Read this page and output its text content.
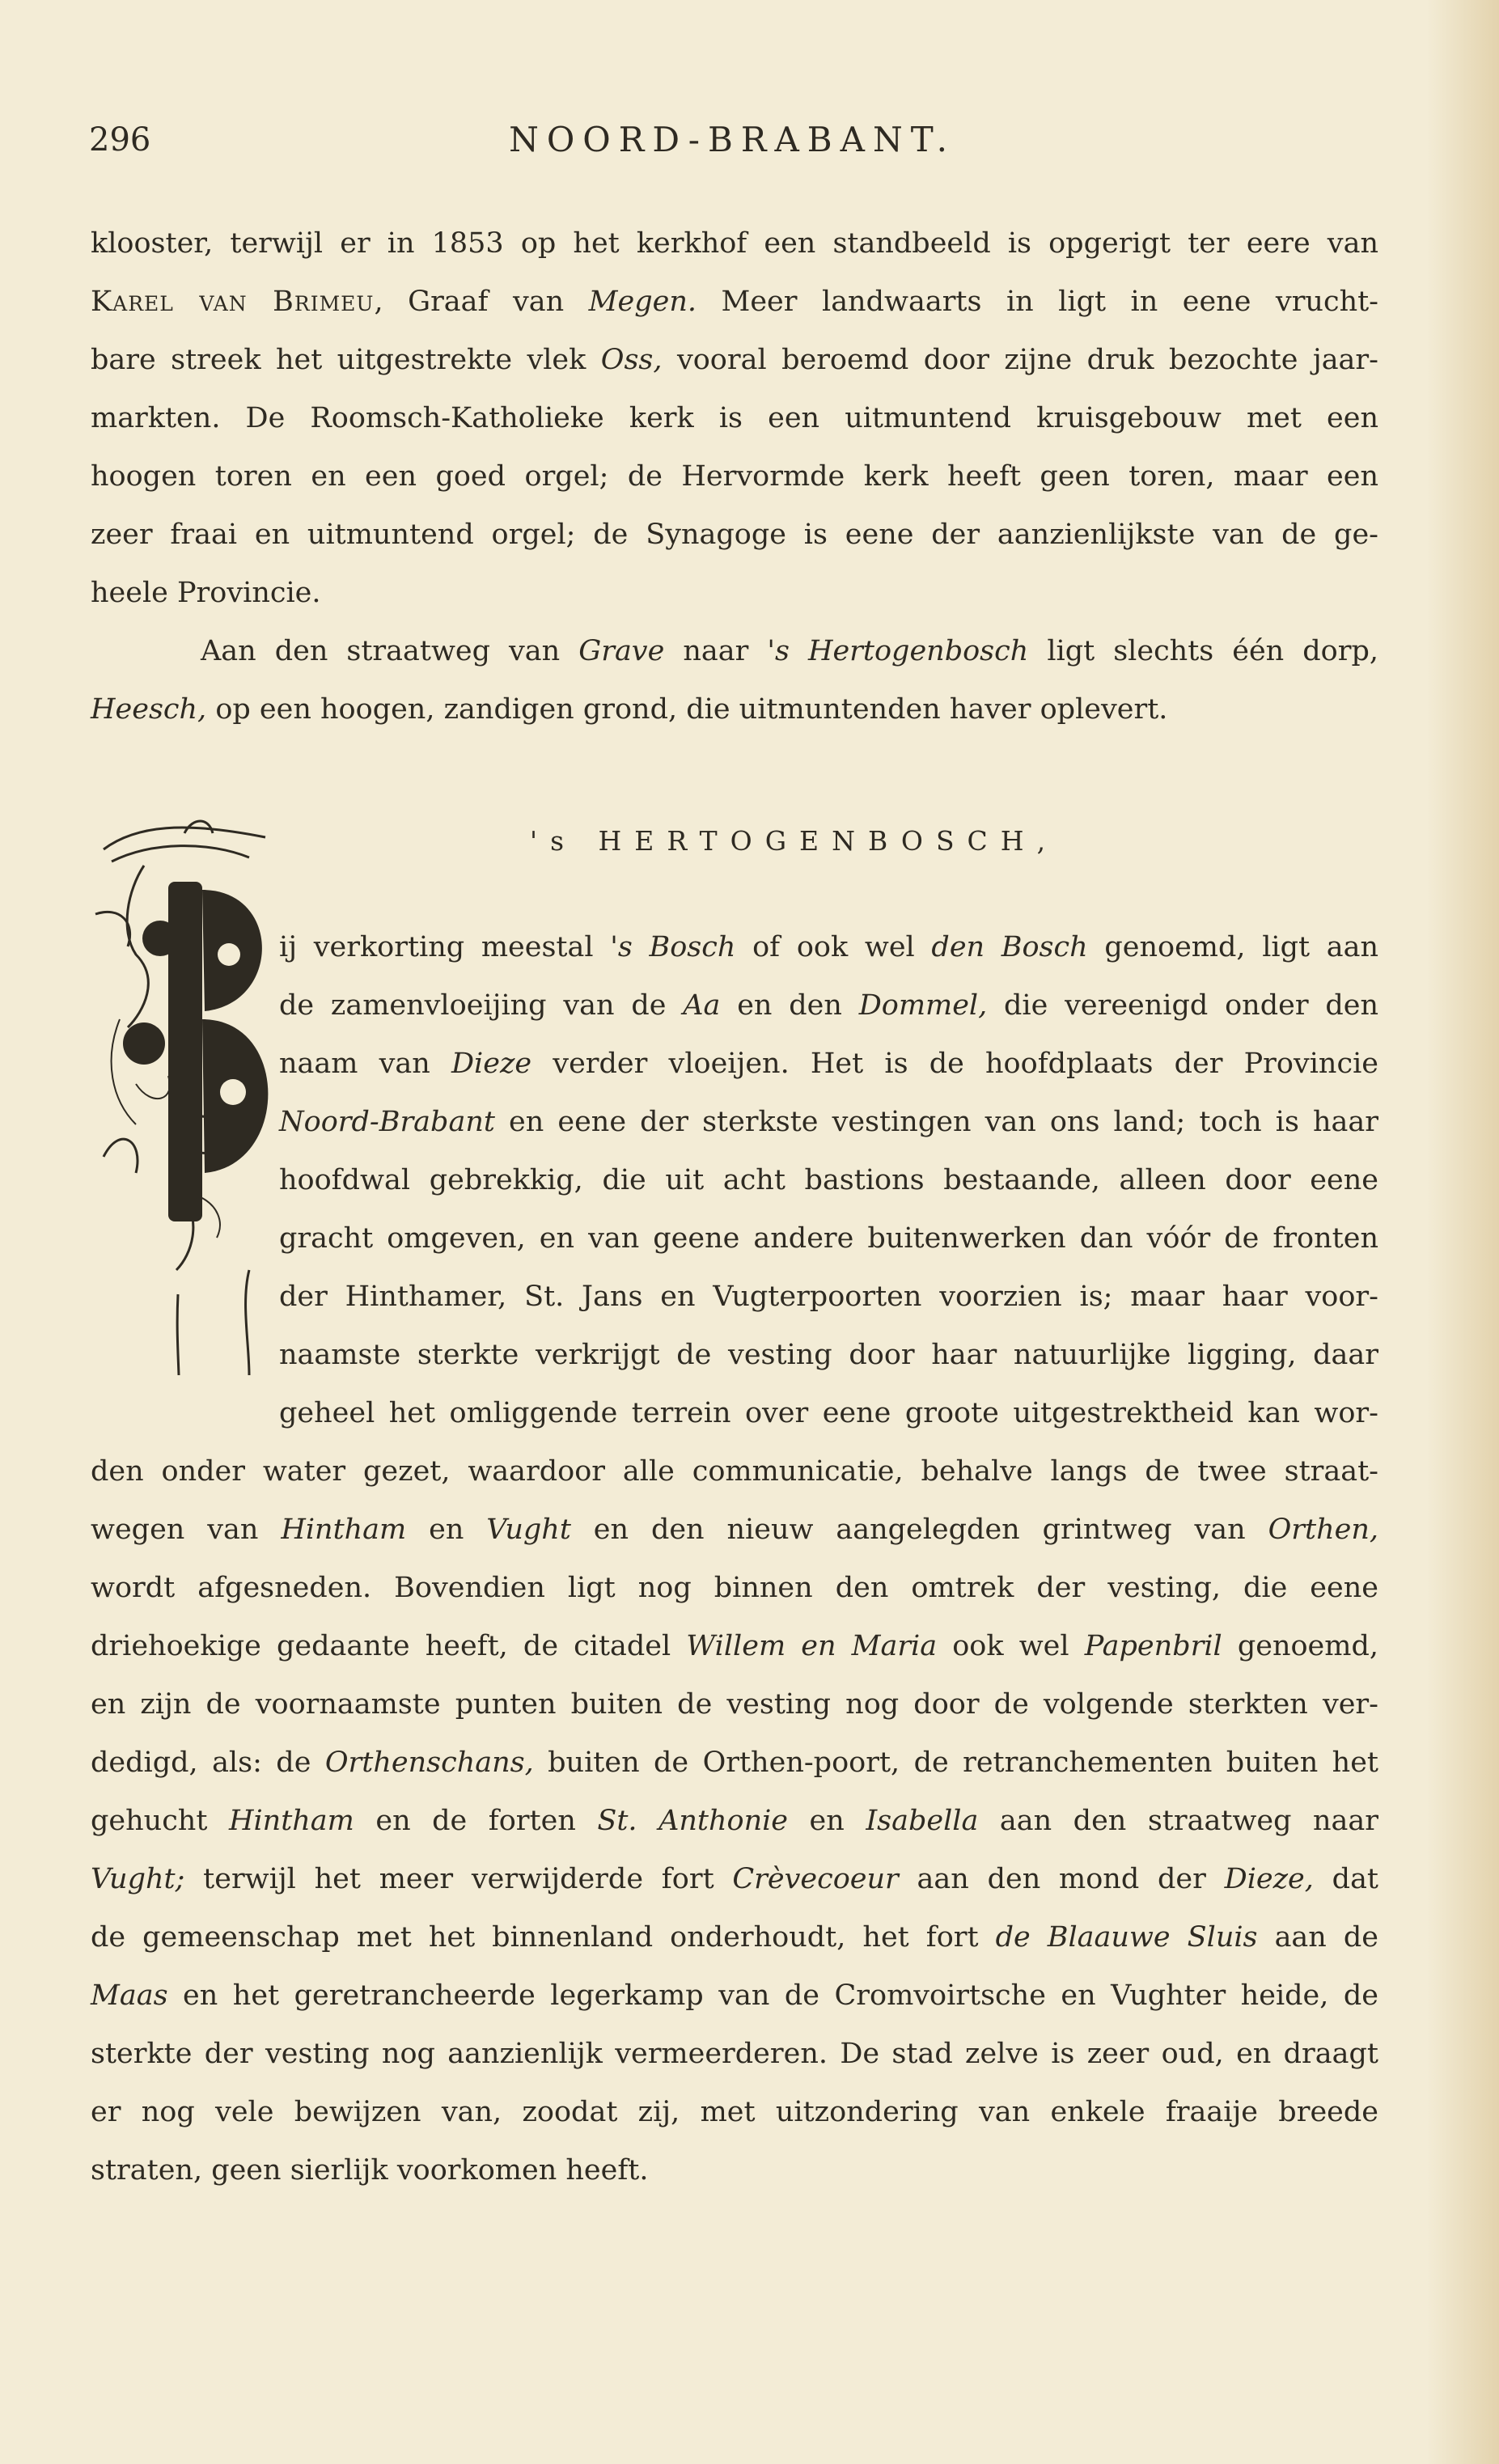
296	NOORD-BRABANT.
klooster, terwijl er in 1853 op het kerkhof een standbeeld is opgerigt ter eere van
Karel van Brimeu, Graaf van Megen. Meer landwaarts in ligt in eene vrucht-
bare streek het uitgestrekte vlek Oss, vooral beroemd door zijne druk bezochte jaar-
markten. De Roomsch-Katholieke kerk is een uitmuntend kruisgebouw met een
hoogen toren en een goed orgel; de Hervormde kerk heeft geen toren, maar een
zeer fraai en uitmuntend orgel; de Synagoge is eene der aanzienlijkste van de ge-
heele Provincie.
Aan den straatweg van Grave naar 's Hertogenbosch ligt slechts één dorp,
Heesch, op een hoogen, zandigen grond, die uitmuntenden haver oplevert.
's HERTOGENBOSCH,
ij verkorting meestal 's Bosch of ook wel den Bosch genoemd, ligt aan
de zamenvloeijing van de Aa en den Dommel, die vereenigd onder den
naam van Dieze verder vloeijen. Het is de hoofdplaats der Provincie
Noord-Brabant en eene der sterkste vestingen van ons land; toch is haar
hoofdwal gebrekkig, die uit acht bastions bestaande, alleen door eene
gracht omgeven, en van geene andere buitenwerken dan vóór de fronten
der Hinthamer, St. Jans en Vugterpoorten voorzien is; maar haar voor-
naamste sterkte verkrijgt de vesting door haar natuurlijke ligging, daar
geheel het omliggende terrein over eene groote uitgestrektheid kan wor-
den onder water gezet, waardoor alle communicatie, behalve langs de twee straat-
wegen van Hintham en Vught en den nieuw aangelegden grintweg van Orthen,
wordt afgesneden. Bovendien ligt nog binnen den omtrek der vesting, die eene
driehoekige gedaante heeft, de citadel Willem en Maria ook wel Papenbril genoemd,
en zijn de voornaamste punten buiten de vesting nog door de volgende sterkten ver-
dedigd, als: de Orthenschans, buiten de Orthen-poort, de retranchementen buiten het
gehucht Hintham en de forten St. Anthonie en Isabella aan den straatweg naar
Vught; terwijl het meer verwijderde fort Crèvecoeur aan den mond der Dieze, dat
de gemeenschap met het binnenland onderhoudt, het fort de Blaauwe Sluis aan de
Maas en het geretrancheerde legerkamp van de Cromvoirtsche en Vughter heide, de
sterkte der vesting nog aanzienlijk vermeerderen. De stad zelve is zeer oud, en draagt
er nog vele bewijzen van, zoodat zij, met uitzondering van enkele fraaije breede
straten, geen sierlijk voorkomen heeft.
